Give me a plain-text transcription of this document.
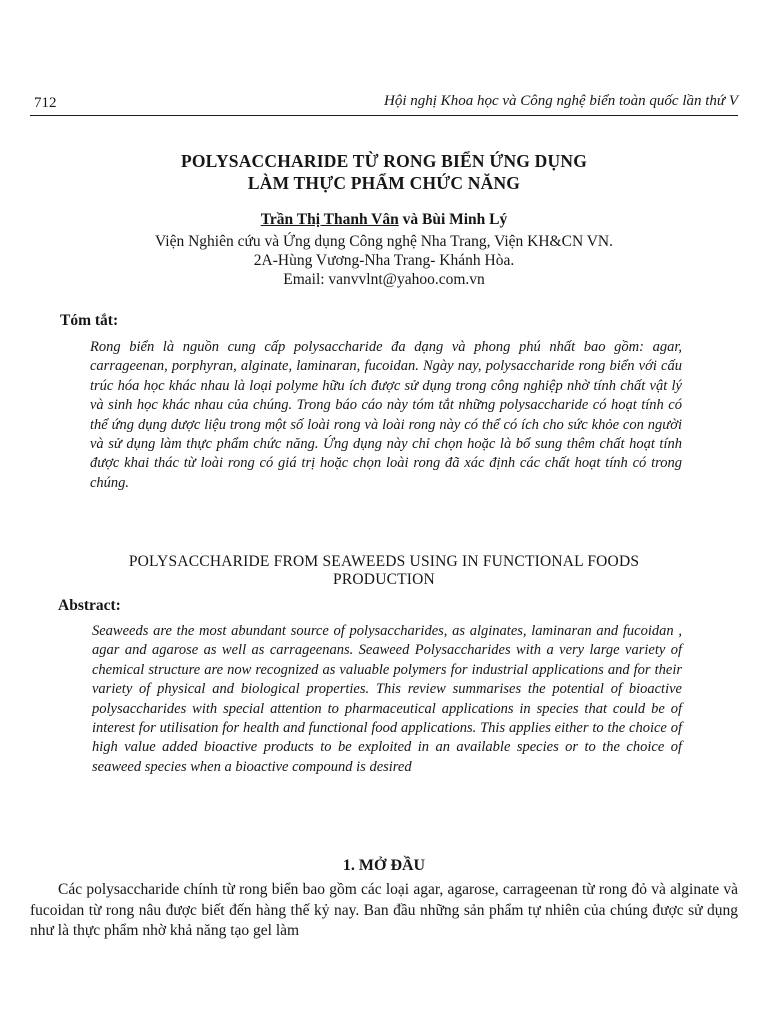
712	Hội nghị Khoa học và Công nghệ biển toàn quốc lần thứ V
POLYSACCHARIDE TỪ RONG BIỂN ỨNG DỤNG
LÀM THỰC PHẨM CHỨC NĂNG
Trần Thị Thanh Vân và Bùi Minh Lý
Viện Nghiên cứu và Ứng dụng Công nghệ Nha Trang, Viện KH&CN VN.
2A-Hùng Vương-Nha Trang- Khánh Hòa.
Email: vanvvlnt@yahoo.com.vn
Tóm tắt:
Rong biển là nguồn cung cấp polysaccharide đa dạng và phong phú nhất bao gồm: agar, carrageenan, porphyran, alginate, laminaran, fucoidan. Ngày nay, polysaccharide rong biển với cấu trúc hóa học khác nhau là loại polyme hữu ích được sử dụng trong công nghiệp nhờ tính chất vật lý và sinh học khác nhau của chúng. Trong báo cáo này tóm tắt những polysaccharide có hoạt tính có thể ứng dụng dược liệu trong một số loài rong và loài rong này có thể có ích cho sức khỏe con người và sử dụng làm thực phẩm chức năng. Ứng dụng này chỉ chọn hoặc là bổ sung thêm chất hoạt tính được khai thác từ loài rong có giá trị hoặc chọn loài rong đã xác định các chất hoạt tính có trong chúng.
POLYSACCHARIDE FROM SEAWEEDS USING IN FUNCTIONAL FOODS
PRODUCTION
Abstract:
Seaweeds are the most abundant source of polysaccharides, as alginates, laminaran and fucoidan , agar and agarose as well as carrageenans. Seaweed Polysaccharides with a very large variety of chemical structure are now recognized as valuable polymers for industrial applications and for their variety of physical and biological properties. This review summarises the potential of bioactive polysaccharides with special attention to pharmaceutical applications in species that could be of interest for utilisation for health and functional food applications. This applies either to the choice of high value added bioactive products to be exploited in an available species or to the choice of seaweed species when a bioactive compound is desired
1. MỞ ĐẦU
Các polysaccharide chính từ rong biển bao gồm các loại agar, agarose, carrageenan từ rong đỏ và alginate và fucoidan từ rong nâu được biết đến hàng thế kỷ nay. Ban đầu những sản phẩm tự nhiên của chúng được sử dụng như là thực phẩm nhờ khả năng tạo gel làm
